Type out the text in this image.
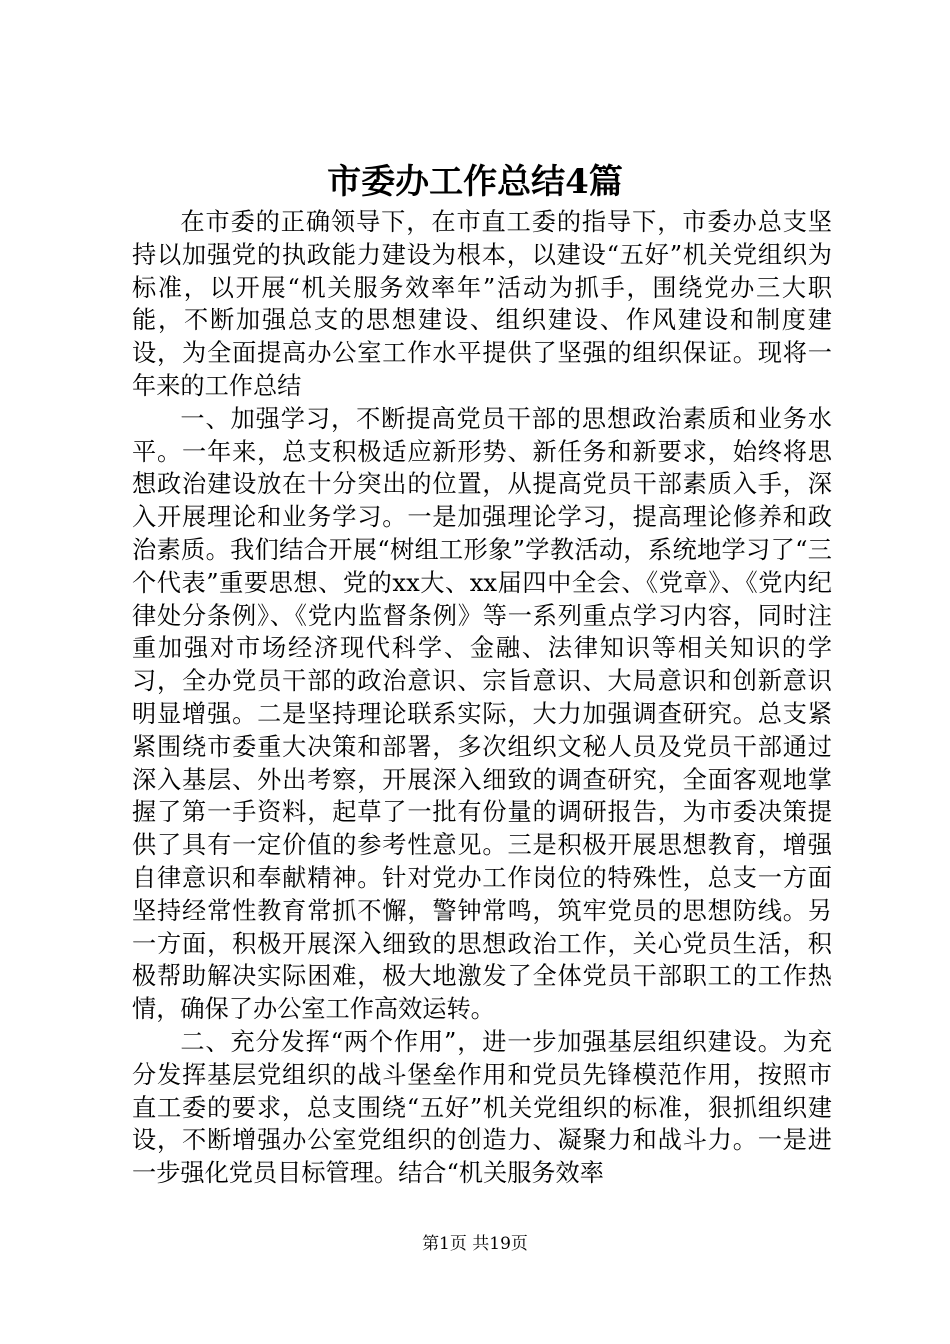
市委办工作总结4篇

在市委的正确领导下，在市直工委的指导下，市委办总支坚持以加强党的执政能力建设为根本，以建设“五好”机关党组织为标准，以开展“机关服务效率年”活动为抓手，围绕党办三大职能，不断加强总支的思想建设、组织建设、作风建设和制度建设，为全面提高办公室工作水平提供了坚强的组织保证。现将一年来的工作总结

一、加强学习，不断提高党员干部的思想政治素质和业务水平。一年来，总支积极适应新形势、新任务和新要求，始终将思想政治建设放在十分突出的位置，从提高党员干部素质入手，深入开展理论和业务学习。一是加强理论学习，提高理论修养和政治素质。我们结合开展“树组工形象”学教活动，系统地学习了“三个代表”重要思想、党的xx大、xx届四中全会、《党章》、《党内纪律处分条例》、《党内监督条例》等一系列重点学习内容，同时注重加强对市场经济现代科学、金融、法律知识等相关知识的学习，全办党员干部的政治意识、宗旨意识、大局意识和创新意识明显增强。二是坚持理论联系实际，大力加强调查研究。总支紧紧围绕市委重大决策和部署，多次组织文秘人员及党员干部通过深入基层、外出考察，开展深入细致的调查研究，全面客观地掌握了第一手资料，起草了一批有份量的调研报告，为市委决策提供了具有一定价值的参考性意见。三是积极开展思想教育，增强自律意识和奉献精神。针对党办工作岗位的特殊性，总支一方面坚持经常性教育常抓不懈，警钟常鸣，筑牢党员的思想防线。另一方面，积极开展深入细致的思想政治工作，关心党员生活，积极帮助解决实际困难，极大地激发了全体党员干部职工的工作热情，确保了办公室工作高效运转。

二、充分发挥“两个作用”，进一步加强基层组织建设。为充分发挥基层党组织的战斗堡垒作用和党员先锋模范作用，按照市直工委的要求，总支围绕“五好”机关党组织的标准，狠抓组织建设，不断增强办公室党组织的创造力、凝聚力和战斗力。一是进一步强化党员目标管理。结合“机关服务效率

第1页 共19页
